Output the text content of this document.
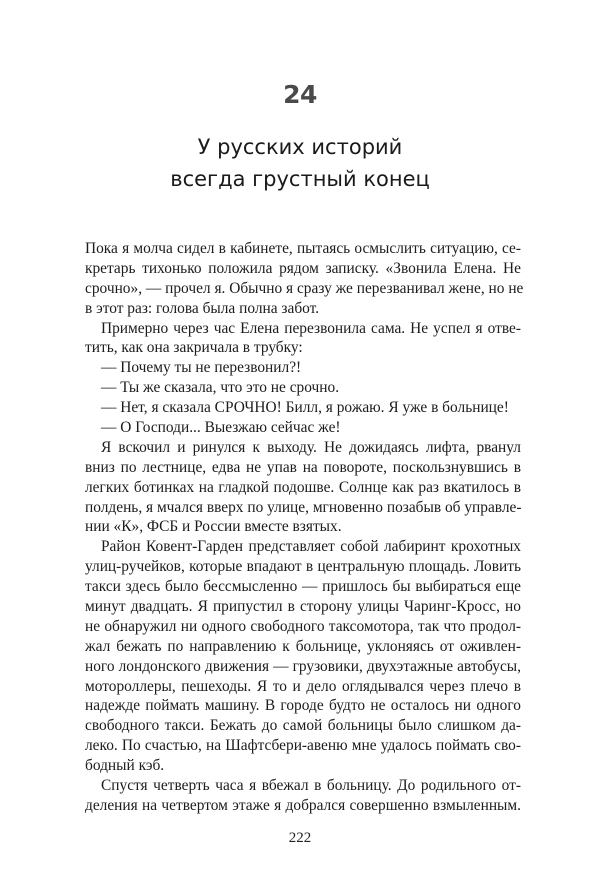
24
У русских историй
всегда грустный конец
Пока я молча сидел в кабинете, пытаясь осмыслить ситуацию, се-
кретарь тихонько положила рядом записку. «Звонила Елена. Не
срочно», — прочел я. Обычно я сразу же перезванивал жене, но не
в этот раз: голова была полна забот.
Примерно через час Елена перезвонила сама. Не успел я отве-
тить, как она закричала в трубку:
— Почему ты не перезвонил?!
— Ты же сказала, что это не срочно.
— Нет, я сказала СРОЧНО! Билл, я рожаю. Я уже в больнице!
— О Господи... Выезжаю сейчас же!
Я вскочил и ринулся к выходу. Не дожидаясь лифта, рванул
вниз по лестнице, едва не упав на повороте, поскользнувшись в
легких ботинках на гладкой подошве. Солнце как раз вкатилось в
полдень, я мчался вверх по улице, мгновенно позабыв об управле-
нии «К», ФСБ и России вместе взятых.
Район Ковент-Гарден представляет собой лабиринт крохотных
улиц-ручейков, которые впадают в центральную площадь. Ловить
такси здесь было бессмысленно — пришлось бы выбираться еще
минут двадцать. Я припустил в сторону улицы Чаринг-Кросс, но
не обнаружил ни одного свободного таксомотора, так что продол-
жал бежать по направлению к больнице, уклоняясь от оживлен-
ного лондонского движения — грузовики, двухэтажные автобусы,
мотороллеры, пешеходы. Я то и дело оглядывался через плечо в
надежде поймать машину. В городе будто не осталось ни одного
свободного такси. Бежать до самой больницы было слишком да-
леко. По счастью, на Шафтсбери-авеню мне удалось поймать сво-
бодный кэб.
Спустя четверть часа я вбежал в больницу. До родильного от-
деления на четвертом этаже я добрался совершенно взмыленным.
222
